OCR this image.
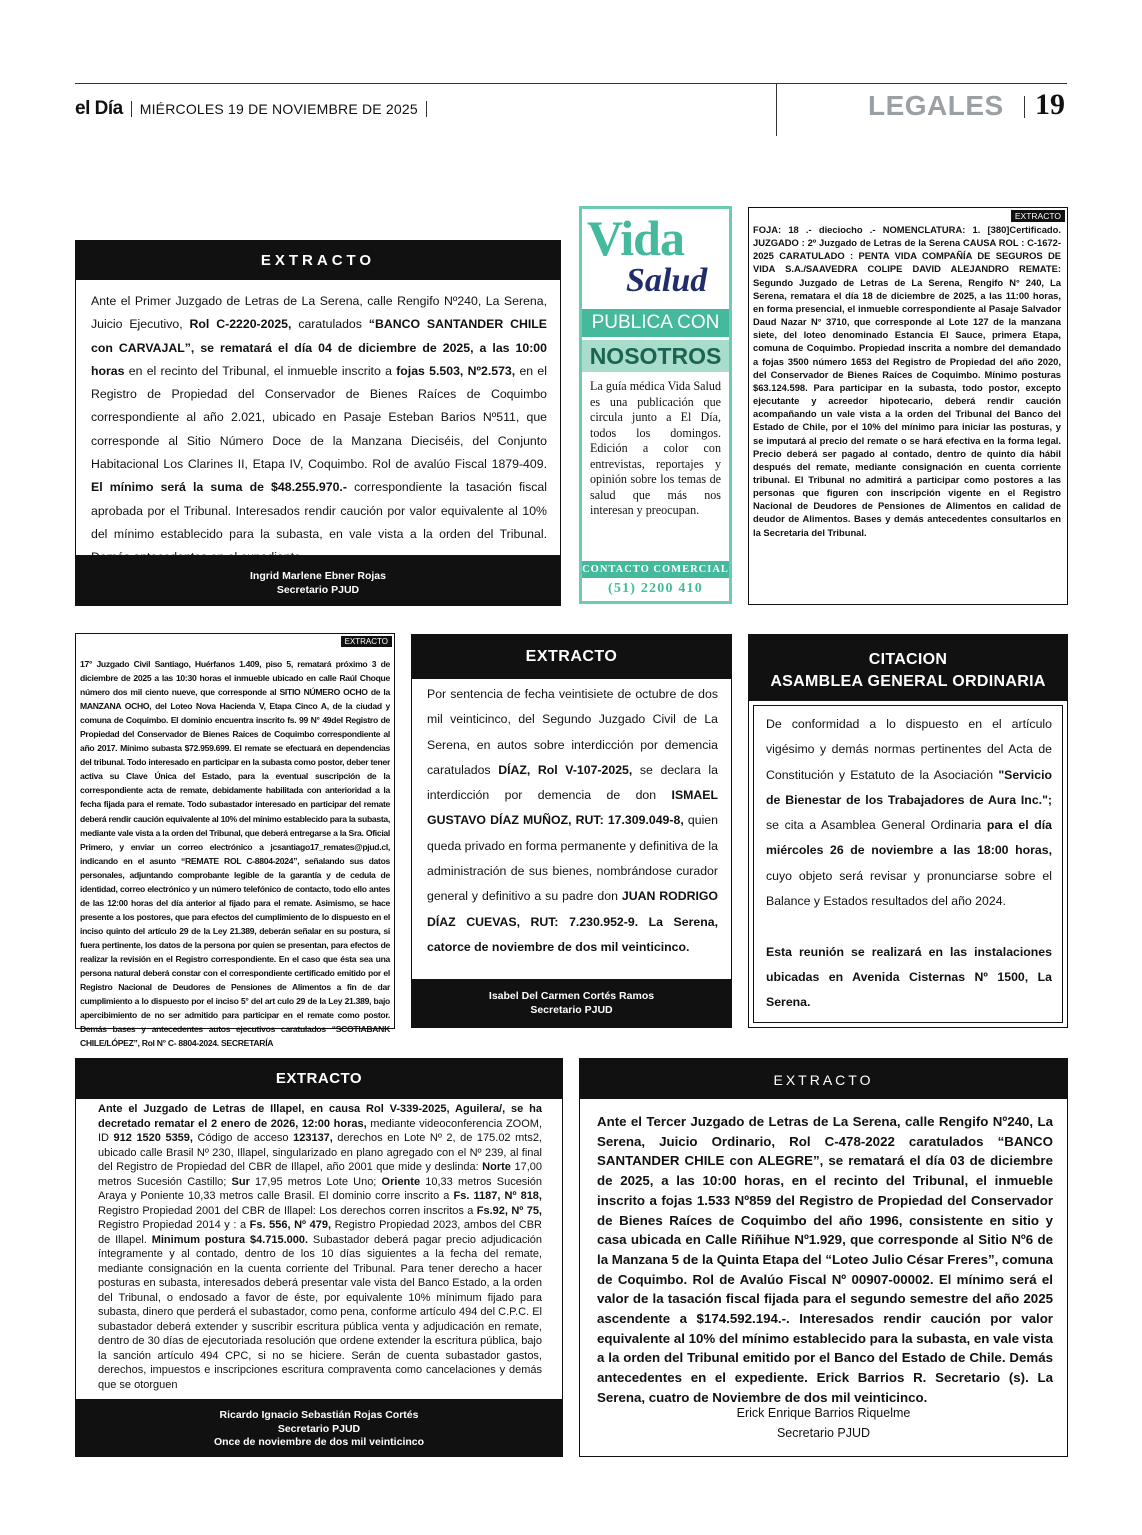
el Día MIÉRCOLES 19 DE NOVIEMBRE DE 2025	LEGALES 19
EXTRACTO
Ante el Primer Juzgado de Letras de La Serena, calle Rengifo Nº240, La Serena, Juicio Ejecutivo, Rol C-2220-2025, caratulados “BANCO SANTANDER CHILE con CARVAJAL”, se rematará el día 04 de diciembre de 2025, a las 10:00 horas en el recinto del Tribunal, el inmueble inscrito a fojas 5.503, Nº2.573, en el Registro de Propiedad del Conservador de Bienes Raíces de Coquimbo correspondiente al año 2.021, ubicado en Pasaje Esteban Barios Nº511, que corresponde al Sitio Número Doce de la Manzana Dieciséis, del Conjunto Habitacional Los Clarines II, Etapa IV, Coquimbo. Rol de avalúo Fiscal 1879-409. El mínimo será la suma de $48.255.970.- correspondiente la tasación fiscal aprobada por el Tribunal. Interesados rendir caución por valor equivalente al 10% del mínimo establecido para la subasta, en vale vista a la orden del Tribunal.
Ingrid Marlene Ebner Rojas
Secretario PJUD
Vida
Salud
PUBLICA CON
NOSOTROS
La guía médica Vida Salud es una publicación que circula junto a El Día, todos los domingos. Edición a color con entrevistas, reportajes y opinión sobre los temas de salud que más nos interesan y preocupan.
CONTACTO COMERCIAL
(51) 2200 410
EXTRACTO
FOJA: 18 .- dieciocho .- NOMENCLATURA: 1. [380]Certificado. JUZGADO : 2º Juzgado de Letras de la Serena CAUSA ROL : C-1672-2025 CARATULADO : PENTA VIDA COMPAÑÍA DE SEGUROS DE VIDA S.A./SAAVEDRA COLIPE DAVID ALEJANDRO REMATE: Segundo Juzgado de Letras de La Serena, Rengifo N° 240, La Serena, rematarа el día 18 de diciembre de 2025, a las 11:00 horas, en forma presencial, el inmueble correspondiente al Pasaje Salvador Daud Nazar N° 3710, que corresponde al Lote 127 de la manzana siete, del loteo denominado Estancia El Sauce, primera Etapa, comuna de Coquimbo. Propiedad inscrita a nombre del demandado a fojas 3500 número 1653 del Registro de Propiedad del año 2020, del Conservador de Bienes Raíces de Coquimbo. Mínimo posturas $63.124.598. Para participar en la subasta, todo postor, excepto ejecutante y acreedor hipotecario, deberá rendir caución acompañando un vale vista a la orden del Tribunal del Banco del Estado de Chile, por el 10% del mínimo para iniciar las posturas, y se imputará al precio del remate o se hará efectiva en la forma legal. Precio deberá ser pagado al contado, dentro de quinto día hábil después del remate, mediante consignación en cuenta corriente tribunal. El Tribunal no admitirá a participar como postores a las personas que figuren con inscripción vigente en el Registro Nacional de Deudores de Pensiones de Alimentos en calidad de deudor de Alimentos. Bases y demás antecedentes consultarlos en la Secretaria del Tribunal.
EXTRACTO
17° Juzgado Civil Santiago, Huérfanos 1.409, piso 5, rematará próximo 3 de diciembre de 2025 a las 10:30 horas el inmueble ubicado en calle Raúl Choque número dos mil ciento nueve, que corresponde al SITIO NÚMERO OCHO de la MANZANA OCHO, del Loteo Nova Hacienda V, Etapa Cinco A, de la ciudad y comuna de Coquimbo. El dominio encuentra inscrito fs. 99 N° 49del Registro de Propiedad del Conservador de Bienes Raíces de Coquimbo correspondiente al año 2017. Mínimo subasta $72.959.699. El remate se efectuará en dependencias del tribunal. Todo interesado en participar en la subasta como postor, deber tener activa su Clave Única del Estado, para la eventual suscripción de la correspondiente acta de remate, debidamente habilitada con anterioridad a la fecha fijada para el remate. Todo subastador interesado en participar del remate deberá rendir caución equivalente al 10% del mínimo establecido para la subasta, mediante vale vista a la orden del Tribunal, que deberá entregarse a la Sra. Oficial Primero, y enviar un correo electrónico a jcsantiago17_remates@pjud.cl, indicando en el asunto “REMATE ROL C-8804-2024”, señalando sus datos personales, adjuntando comprobante legible de la garantía y de cedula de identidad, correo electrónico y un número telefónico de contacto, todo ello antes de las 12:00 horas del día anterior al fijado para el remate. Asimismo, se hace presente a los postores, que para efectos del cumplimiento de lo dispuesto en el inciso quinto del artículo 29 de la Ley 21.389, deberán señalar en su postura, si fuera pertinente, los datos de la persona por quien se presentan, para efectos de realizar la revisión en el Registro correspondiente. En el caso que ésta sea una persona natural deberá constar con el correspondiente certificado emitido por el Registro Nacional de Deudores de Pensiones de Alimentos a fin de dar cumplimiento a lo dispuesto por el inciso 5° del art culo 29 de la Ley 21.389, bajo apercibimiento de no ser admitido para participar en el remate como postor. Demás bases y antecedentes autos ejecutivos caratulados “SCOTIABANK CHILE/LÓPEZ”, Rol N° C- 8804-2024. SECRETARÍA
EXTRACTO
Por sentencia de fecha veintisiete de octubre de dos mil veinticinco, del Segundo Juzgado Civil de La Serena, en autos sobre interdicción por demencia caratulados DÍAZ, Rol V-107-2025, se declara la interdicción por demencia de don ISMAEL GUSTAVO DÍAZ MUÑOZ, RUT: 17.309.049-8, quien queda privado en forma permanente y definitiva de la administración de sus bienes, nombrándose curador general y definitivo a su padre don JUAN RODRIGO DÍAZ CUEVAS, RUT: 7.230.952-9. La Serena, catorce de noviembre de dos mil veinticinco.
Isabel Del Carmen Cortés Ramos
Secretario PJUD
CITACION
ASAMBLEA GENERAL ORDINARIA
De conformidad a lo dispuesto en el artículo vigésimo y demás normas pertinentes del Acta de Constitución y Estatuto de la Asociación "Servicio de Bienestar de los Trabajadores de Aura Inc."; se cita a Asamblea General Ordinaria para el día miércoles 26 de noviembre a las 18:00 horas, cuyo objeto será revisar y pronunciarse sobre el Balance y Estados resultados del año 2024.

Esta reunión se realizará en las instalaciones ubicadas en Avenida Cisternas Nº 1500, La Serena.
EXTRACTO
Ante el Juzgado de Letras de Illapel, en causa Rol V-339-2025, Aguilera/, se ha decretado rematar el 2 enero de 2026, 12:00 horas, mediante videoconferencia ZOOM, ID 912 1520 5359, Código de acceso 123137, derechos en Lote Nº 2, de 175.02 mts2, ubicado calle Brasil Nº 230, Illapel, singularizado en plano agregado con el Nº 239, al final del Registro de Propiedad del CBR de Illapel, año 2001 que mide y deslinda: Norte 17,00 metros Sucesión Castillo; Sur 17,95 metros Lote Uno; Oriente 10,33 metros Sucesión Araya y Poniente 10,33 metros calle Brasil. El dominio corre inscrito a Fs. 1187, Nº 818, Registro Propiedad 2001 del CBR de Illapel: Los derechos corren inscritos a Fs.92, Nº 75, Registro Propiedad 2014 y : a Fs. 556, Nº 479, Registro Propiedad 2023, ambos del CBR de Illapel. Minimum postura $4.715.000. Subastador deberá pagar precio adjudicación íntegramente y al contado, dentro de los 10 días siguientes a la fecha del remate, mediante consignación en la cuenta corriente del Tribunal. Para tener derecho a hacer posturas en subasta, interesados deberá presentar vale vista del Banco Estado, a la orden del Tribunal, o endosado a favor de éste, por equivalente 10% mínimum fijado para subasta, dinero que perderá el subastador, como pena, conforme artículo 494 del C.P.C. El subastador deberá extender y suscribir escritura pública venta y adjudicación en remate, dentro de 30 días de ejecutoriada resolución que ordene extender la escritura pública, bajo la sanción artículo 494 CPC, si no se hiciere. Serán de cuenta subastador gastos, derechos, impuestos e inscripciones escritura compraventa como cancelaciones y demás que se otorguen
Ricardo Ignacio Sebastián Rojas Cortés
Secretario PJUD
Once de noviembre de dos mil veinticinco
EXTRACTO
Ante el Tercer Juzgado de Letras de La Serena, calle Rengifo Nº240, La Serena, Juicio Ordinario, Rol C-478-2022 caratulados “BANCO SANTANDER CHILE con ALEGRE”, se rematará el día 03 de diciembre de 2025, a las 10:00 horas, en el recinto del Tribunal, el inmueble inscrito a fojas 1.533 Nº859 del Registro de Propiedad del Conservador de Bienes Raíces de Coquimbo del año 1996, consistente en sitio y casa ubicada en Calle Riñihue Nº1.929, que corresponde al Sitio Nº6 de la Manzana 5 de la Quinta Etapa del “Loteo Julio César Freres”, comuna de Coquimbo. Rol de Avalúo Fiscal Nº 00907-00002. El mínimo será el valor de la tasación fiscal fijada para el segundo semestre del año 2025 ascendente a $174.592.194.-. Interesados rendir caución por valor equivalente al 10% del mínimo establecido para la subasta, en vale vista a la orden del Tribunal emitido por el Banco del Estado de Chile. Demás antecedentes en el expediente. Erick Barrios R. Secretario (s). La Serena, cuatro de Noviembre de dos mil veinticinco.
Erick Enrique Barrios Riquelme
Secretario PJUD
